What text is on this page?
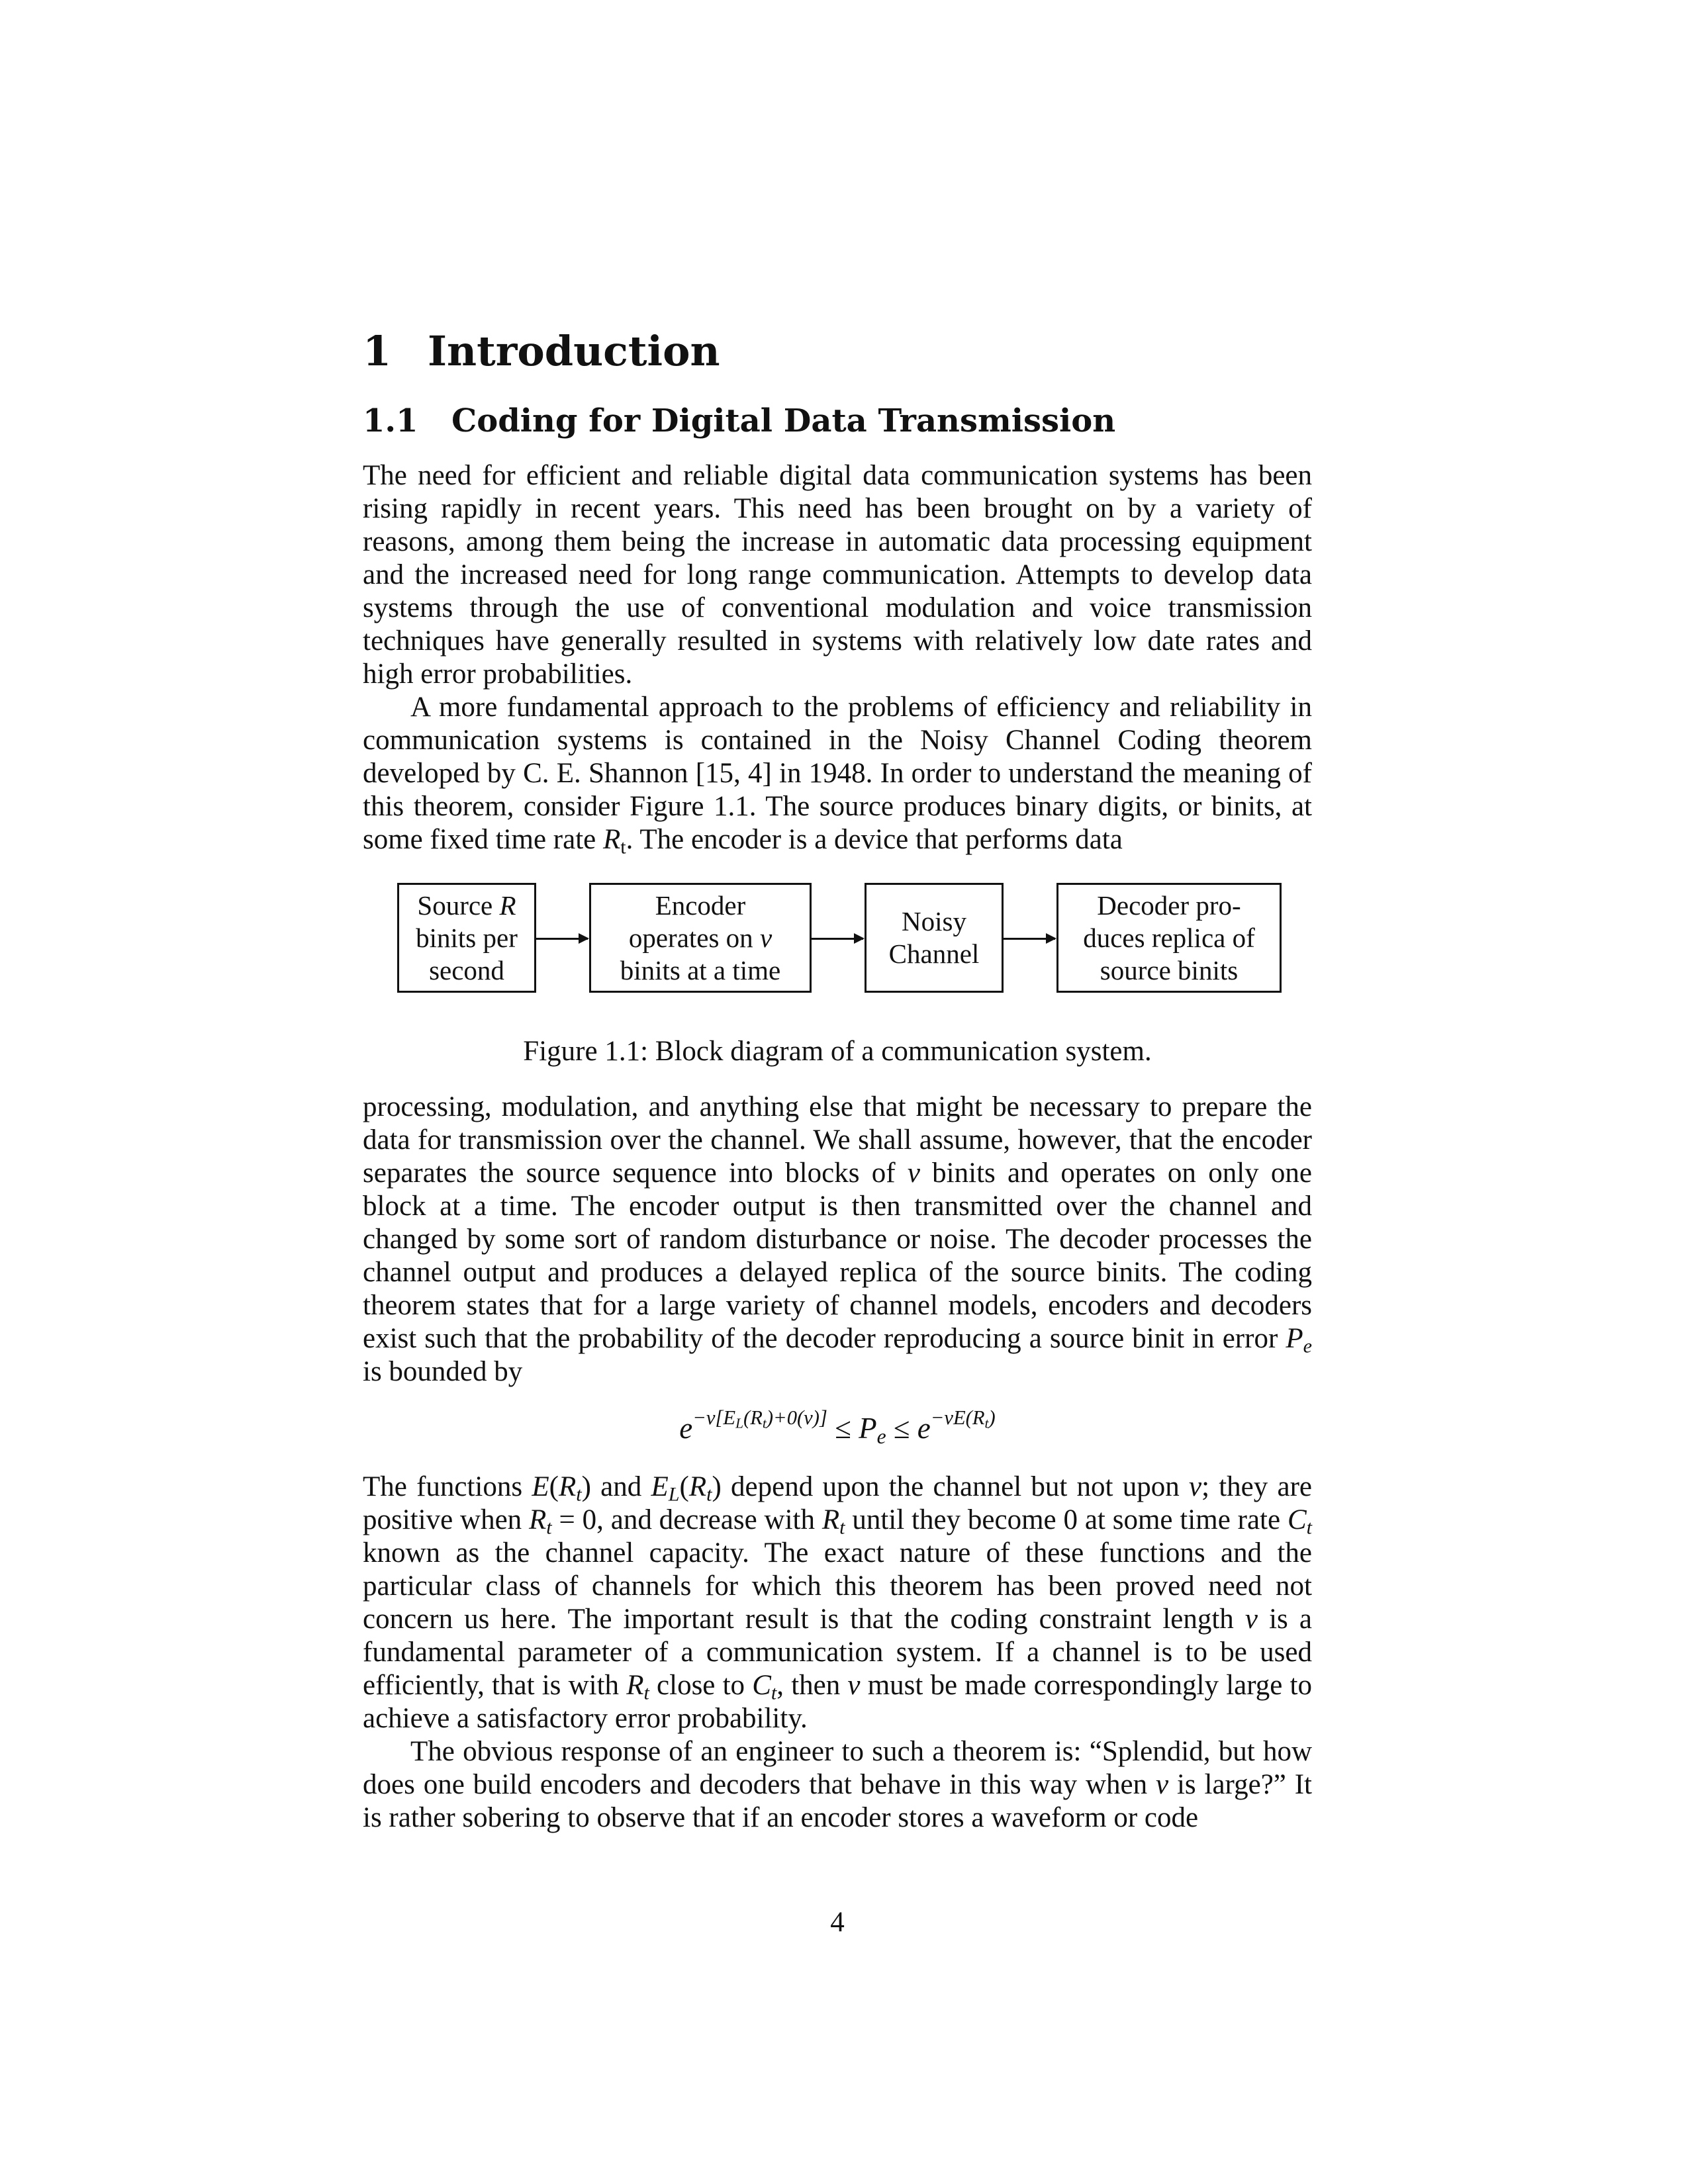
1 Introduction
1.1 Coding for Digital Data Transmission

The need for efficient and reliable digital data communication systems has been rising rapidly in recent years. This need has been brought on by a variety of reasons, among them being the increase in automatic data processing equipment and the increased need for long range communication. Attempts to develop data systems through the use of conventional modulation and voice transmission techniques have generally resulted in systems with relatively low date rates and high error probabilities.

A more fundamental approach to the problems of efficiency and reliability in communication systems is contained in the Noisy Channel Coding theorem developed by C. E. Shannon [15, 4] in 1948. In order to understand the meaning of this theorem, consider Figure 1.1. The source produces binary digits, or binits, at some fixed time rate $R_t$. The encoder is a device that performs data

Source R
binits per
second
Encoder
operates on ν
binits at a time
Noisy
Channel
Decoder pro-
duces replica of
source binits
Figure 1.1: Block diagram of a communication system.

processing, modulation, and anything else that might be necessary to prepare the data for transmission over the channel. We shall assume, however, that the encoder separates the source sequence into blocks of ν binits and operates on only one block at a time. The encoder output is then transmitted over the channel and changed by some sort of random disturbance or noise. The decoder processes the channel output and produces a delayed replica of the source binits. The coding theorem states that for a large variety of channel models, encoders and decoders exist such that the probability of the decoder reproducing a source binit in error $P_e$ is bounded by

$e^{-\nu[E_L(R_t)+0(\nu)]} \le P_e \le e^{-\nu E(R_t)}$

The functions $E(R_t)$ and $E_L(R_t)$ depend upon the channel but not upon ν; they are positive when $R_t = 0$, and decrease with $R_t$ until they become 0 at some time rate $C_t$ known as the channel capacity. The exact nature of these functions and the particular class of channels for which this theorem has been proved need not concern us here. The important result is that the coding constraint length ν is a fundamental parameter of a communication system. If a channel is to be used efficiently, that is with $R_t$ close to $C_t$, then ν must be made correspondingly large to achieve a satisfactory error probability.

The obvious response of an engineer to such a theorem is: “Splendid, but how does one build encoders and decoders that behave in this way when ν is large?” It is rather sobering to observe that if an encoder stores a waveform or code

4
